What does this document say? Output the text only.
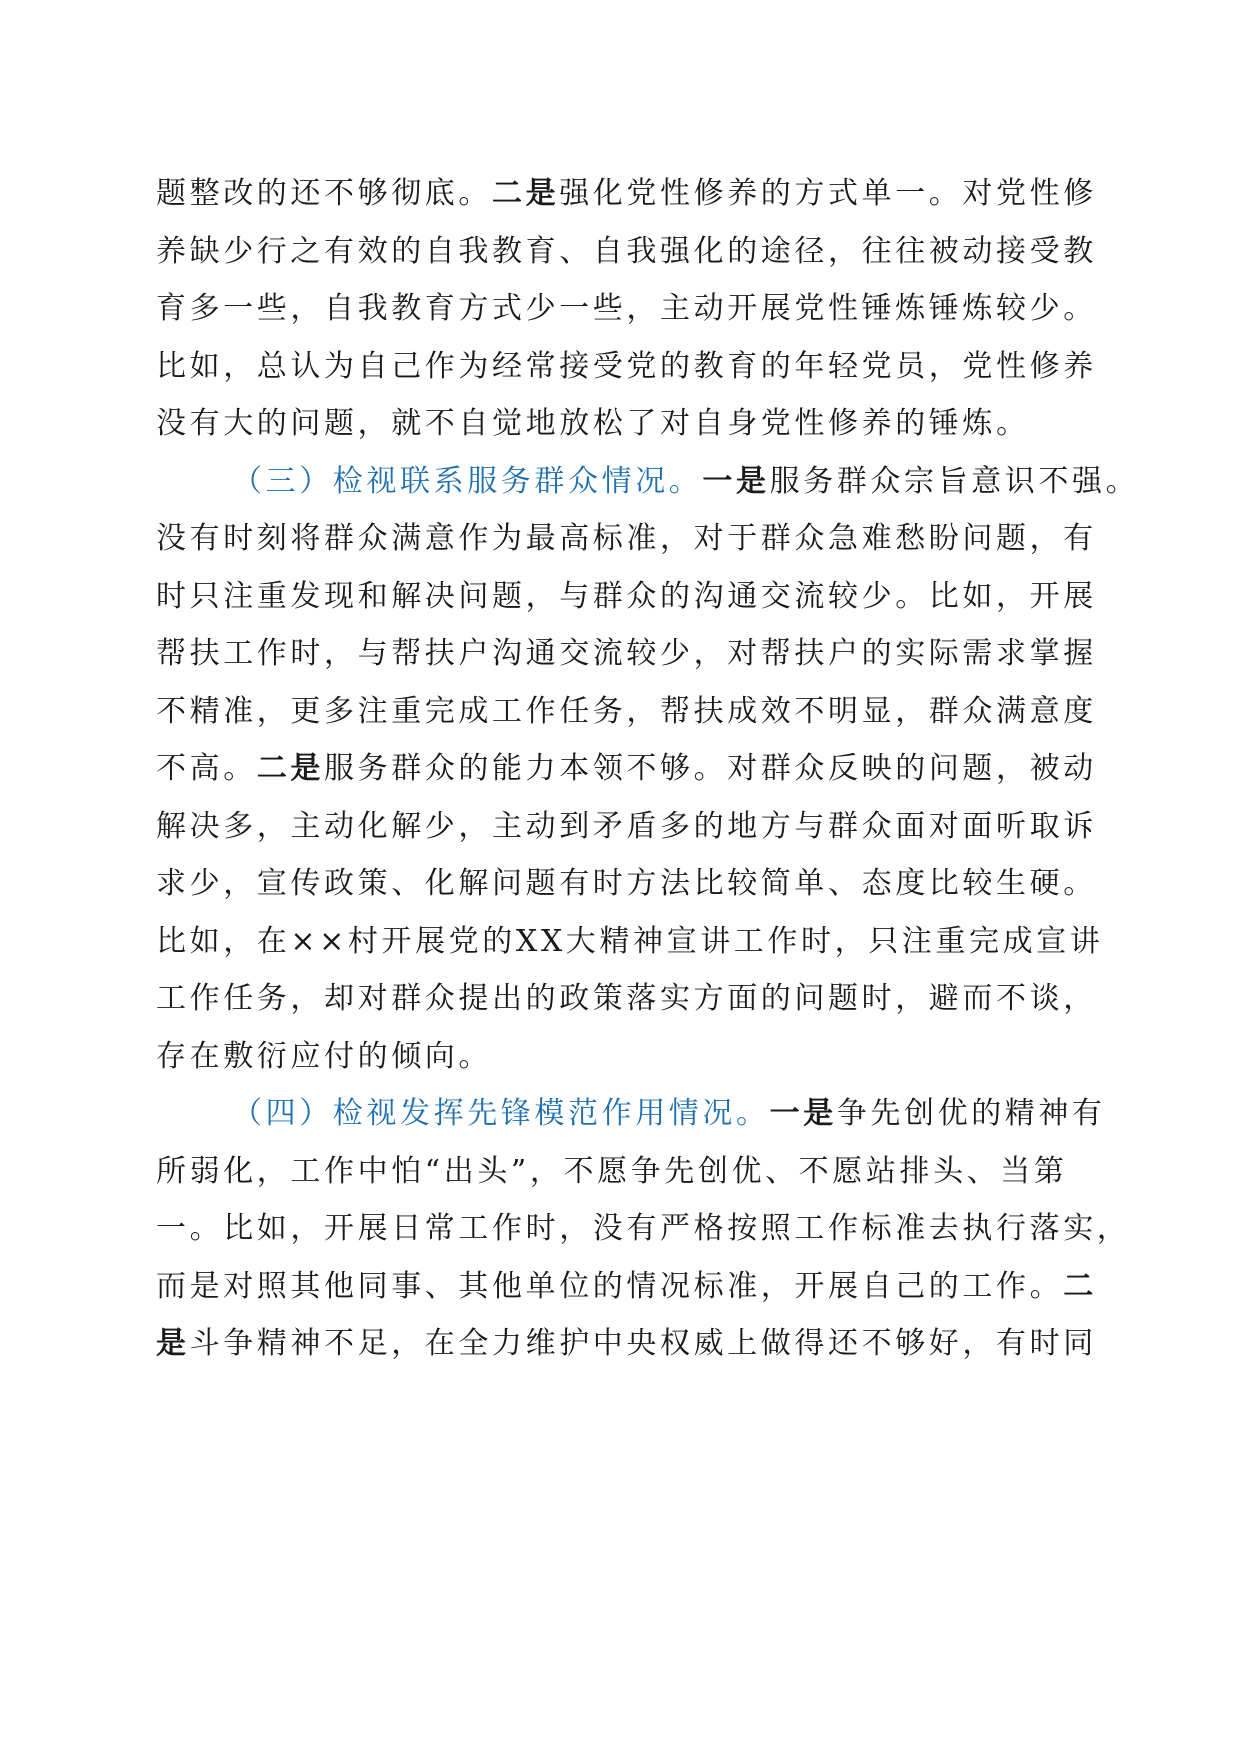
题整改的还不够彻底。二是强化党性修养的方式单一。对党性修
养缺少行之有效的自我教育、自我强化的途径，往往被动接受教
育多一些，自我教育方式少一些，主动开展党性锤炼锤炼较少。
比如，总认为自己作为经常接受党的教育的年轻党员，党性修养
没有大的问题，就不自觉地放松了对自身党性修养的锤炼。
（三）检视联系服务群众情况。一是服务群众宗旨意识不强。
没有时刻将群众满意作为最高标准，对于群众急难愁盼问题，有
时只注重发现和解决问题，与群众的沟通交流较少。比如，开展
帮扶工作时，与帮扶户沟通交流较少，对帮扶户的实际需求掌握
不精准，更多注重完成工作任务，帮扶成效不明显，群众满意度
不高。二是服务群众的能力本领不够。对群众反映的问题，被动
解决多，主动化解少，主动到矛盾多的地方与群众面对面听取诉
求少，宣传政策、化解问题有时方法比较简单、态度比较生硬。
比如，在××村开展党的XX大精神宣讲工作时，只注重完成宣讲
工作任务，却对群众提出的政策落实方面的问题时，避而不谈，
存在敷衍应付的倾向。
（四）检视发挥先锋模范作用情况。一是争先创优的精神有
所弱化，工作中怕“出头”，不愿争先创优、不愿站排头、当第
一。比如，开展日常工作时，没有严格按照工作标准去执行落实，
而是对照其他同事、其他单位的情况标准，开展自己的工作。二
是斗争精神不足，在全力维护中央权威上做得还不够好，有时同
